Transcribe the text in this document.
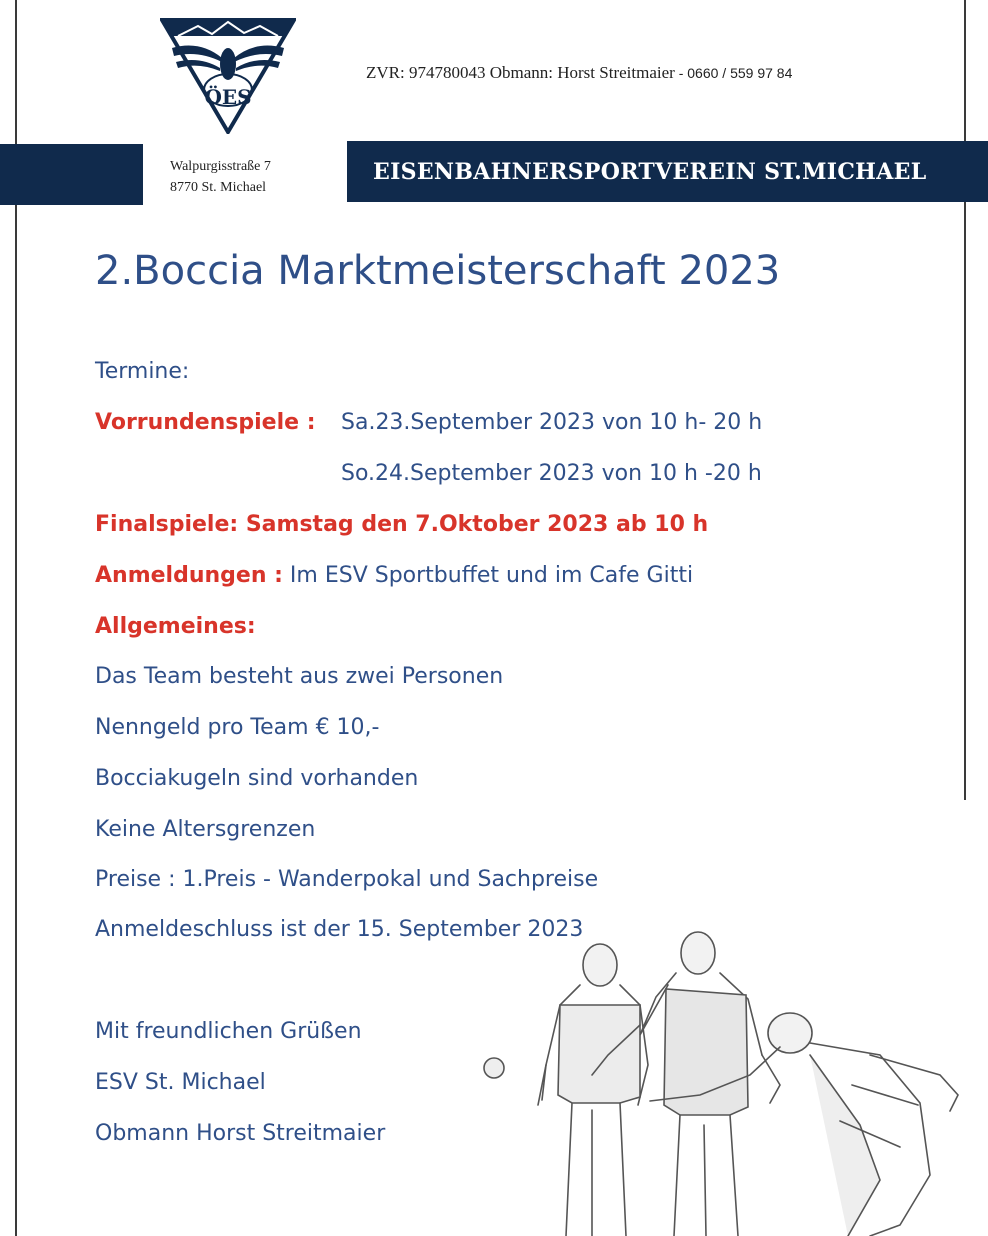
ÖES
ZVR: 974780043 Obmann: Horst Streitmaier - 0660 / 559 97 84
Walpurgisstraße 7
8770 St. Michael
EISENBAHNERSPORTVEREIN ST.MICHAEL
2.Boccia Marktmeisterschaft 2023
Termine:
Vorrundenspiele : Sa.23.September 2023 von 10 h- 20 h
So.24.September 2023 von 10 h -20 h
Finalspiele: Samstag den 7.Oktober 2023 ab 10 h
Anmeldungen : Im ESV Sportbuffet und im Cafe Gitti
Allgemeines:
Das Team besteht aus zwei Personen
Nenngeld pro Team € 10,-
Bocciakugeln sind vorhanden
Keine Altersgrenzen
Preise : 1.Preis - Wanderpokal und Sachpreise
Anmeldeschluss ist der 15. September 2023
Mit freundlichen Grüßen
ESV St. Michael
Obmann Horst Streitmaier
